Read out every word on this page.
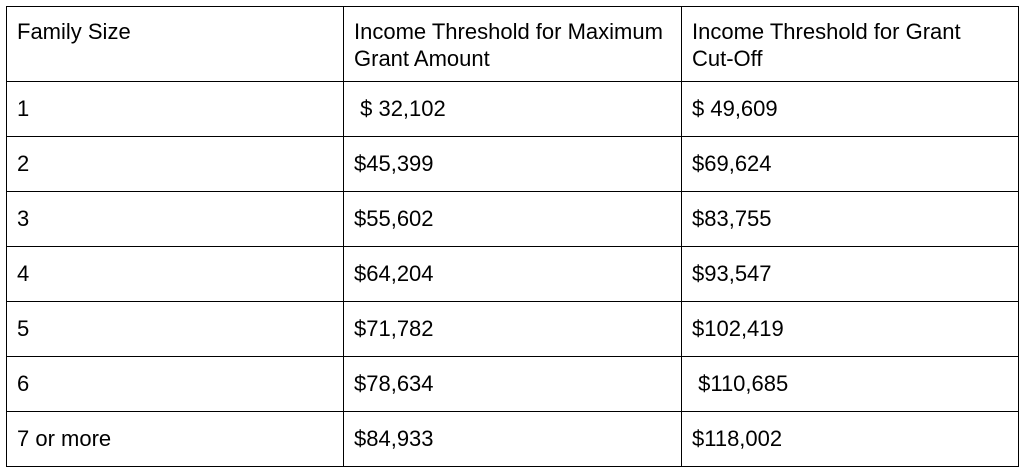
Family Size	Income Threshold for Maximum Grant Amount	Income Threshold for Grant Cut-Off
1	$ 32,102	$ 49,609
2	$45,399	$69,624
3	$55,602	$83,755
4	$64,204	$93,547
5	$71,782	$102,419
6	$78,634	$110,685
7 or more	$84,933	$118,002
